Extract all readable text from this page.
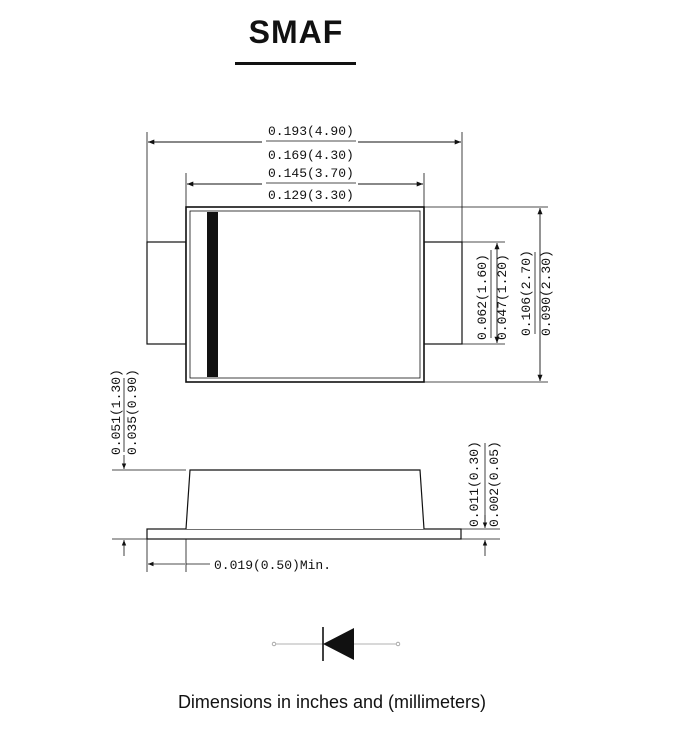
SMAF
0.193(4.90)
0.169(4.30)
0.145(3.70)
0.129(3.30)
0.062(1.60) 0.047(1.20) 0.106(2.70) 0.090(2.30)
0.051(1.30) 0.035(0.90)
0.011(0.30) 0.002(0.05)
0.019(0.50)Min.
Dimensions in inches and (millimeters)
